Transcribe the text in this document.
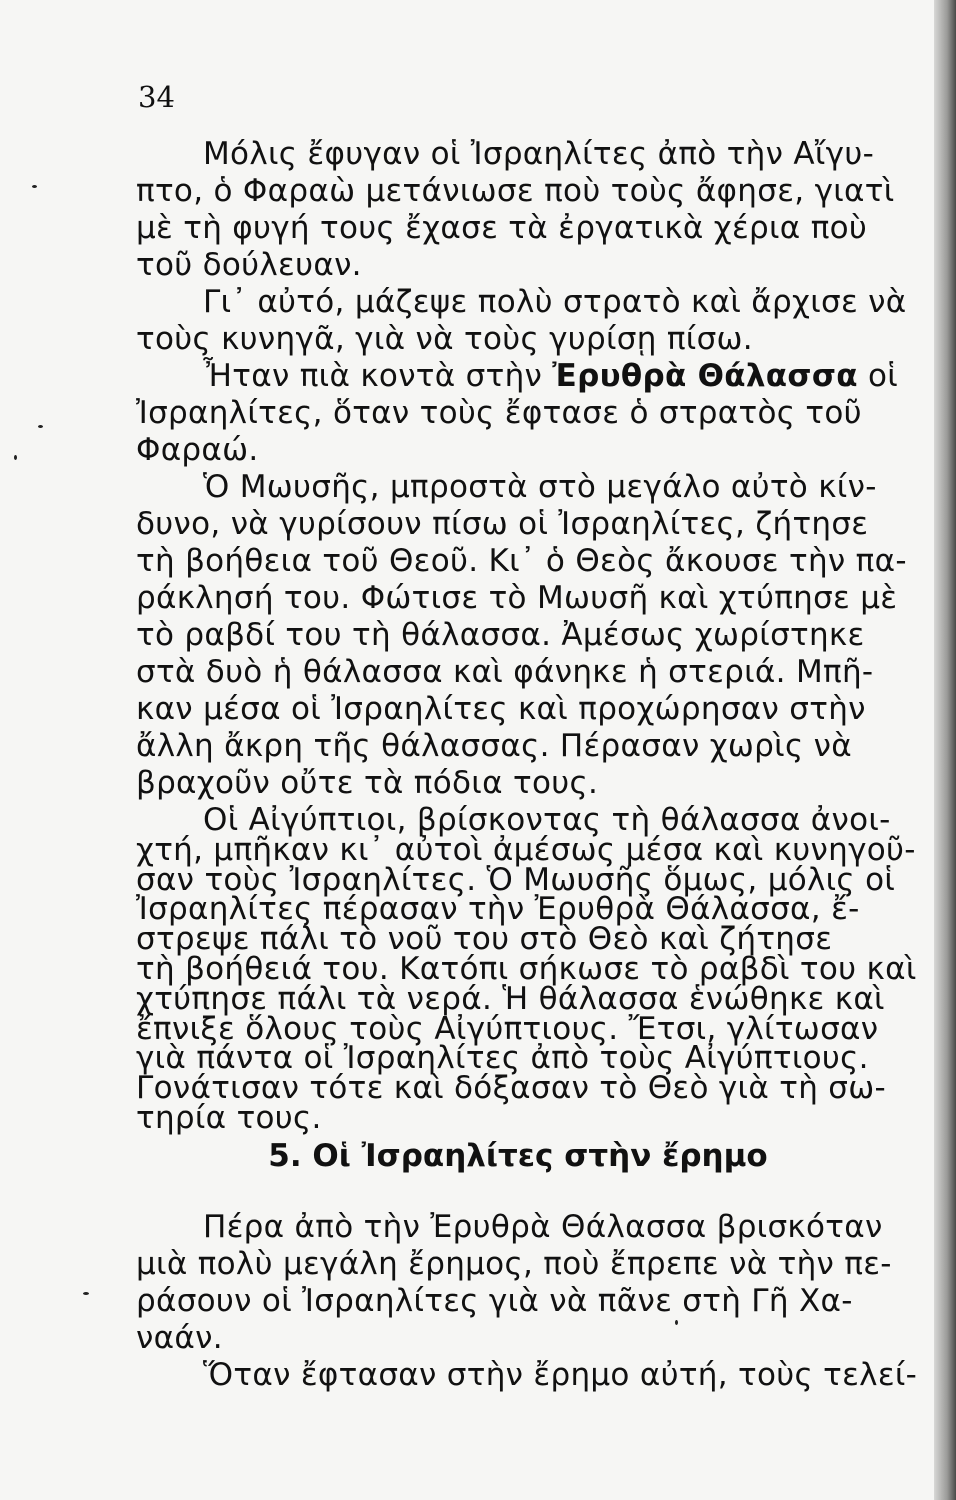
34
Μόλις ἔφυγαν οἱ Ἰσραηλίτες ἀπὸ τὴν Αἴγυ-
πτο, ὁ Φαραὼ μετάνιωσε ποὺ τοὺς ἄφησε, γιατὶ
μὲ τὴ φυγή τους ἔχασε τὰ ἐργατικὰ χέρια ποὺ
τοῦ δούλευαν.
Γι᾿ αὐτό, μάζεψε πολὺ στρατὸ καὶ ἄρχισε νὰ
τοὺς κυνηγᾶ, γιὰ νὰ τοὺς γυρίσῃ πίσω.
Ἦταν πιὰ κοντὰ στὴν Ἐρυθρὰ Θάλασσα οἱ
Ἰσραηλίτες, ὅταν τοὺς ἔφτασε ὁ στρατὸς τοῦ
Φαραώ.
Ὁ Μωυσῆς, μπροστὰ στὸ μεγάλο αὐτὸ κίν-
δυνο, νὰ γυρίσουν πίσω οἱ Ἰσραηλίτες, ζήτησε
τὴ βοήθεια τοῦ Θεοῦ. Κι᾿ ὁ Θεὸς ἄκουσε τὴν πα-
ράκλησή του. Φώτισε τὸ Μωυσῆ καὶ χτύπησε μὲ
τὸ ραβδί του τὴ θάλασσα. Ἀμέσως χωρίστηκε
στὰ δυὸ ἡ θάλασσα καὶ φάνηκε ἡ στεριά. Μπῆ-
καν μέσα οἱ Ἰσραηλίτες καὶ προχώρησαν στὴν
ἄλλη ἄκρη τῆς θάλασσας. Πέρασαν χωρὶς νὰ
βραχοῦν οὔτε τὰ πόδια τους.
Οἱ Αἰγύπτιοι, βρίσκοντας τὴ θάλασσα ἀνοι-
χτή, μπῆκαν κι᾿ αὐτοὶ ἀμέσως μέσα καὶ κυνηγοῦ-
σαν τοὺς Ἰσραηλίτες. Ὁ Μωυσῆς ὅμως, μόλις οἱ
Ἰσραηλίτες πέρασαν τὴν Ἐρυθρὰ Θάλασσα, ἔ-
στρεψε πάλι τὸ νοῦ του στὸ Θεὸ καὶ ζήτησε
τὴ βοήθειά του. Κατόπι σήκωσε τὸ ραβδὶ του καὶ
χτύπησε πάλι τὰ νερά. Ἡ θάλασσα ἑνώθηκε καὶ
ἔπνιξε ὅλους τοὺς Αἰγύπτιους. Ἔτσι, γλίτωσαν
γιὰ πάντα οἱ Ἰσραηλίτες ἀπὸ τοὺς Αἰγύπτιους.
5. Οἱ Ἰσραηλίτες στὴν ἔρημο
Πέρα ἀπὸ τὴν Ἐρυθρὰ Θάλασσα βρισκόταν
μιὰ πολὺ μεγάλη ἔρημος, ποὺ ἔπρεπε νὰ τὴν πε-
ράσουν οἱ Ἰσραηλίτες γιὰ νὰ πᾶνε στὴ Γῆ Χα-
ναάν.
Ὅταν ἔφτασαν στὴν ἔρημο αὐτή, τοὺς τελεί-
Γονάτισαν τότε καὶ δόξασαν τὸ Θεὸ γιὰ τὴ σω-
τηρία τους.
